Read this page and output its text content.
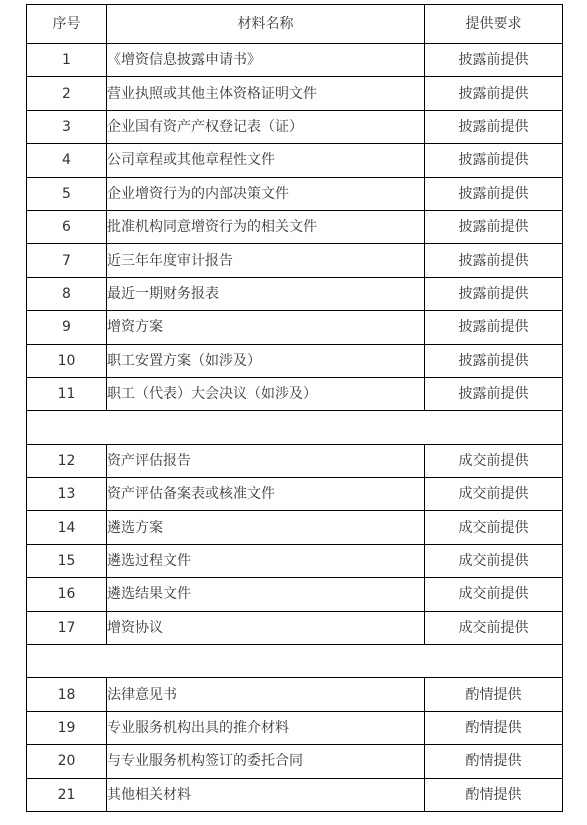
序号	材料名称	提供要求
1	《增资信息披露申请书》	披露前提供
2	营业执照或其他主体资格证明文件	披露前提供
3	企业国有资产产权登记表（证）	披露前提供
4	公司章程或其他章程性文件	披露前提供
5	企业增资行为的内部决策文件	披露前提供
6	批准机构同意增资行为的相关文件	披露前提供
7	近三年年度审计报告	披露前提供
8	最近一期财务报表	披露前提供
9	增资方案	披露前提供
10	职工安置方案（如涉及）	披露前提供
11	职工（代表）大会决议（如涉及）	披露前提供

12	资产评估报告	成交前提供
13	资产评估备案表或核准文件	成交前提供
14	遴选方案	成交前提供
15	遴选过程文件	成交前提供
16	遴选结果文件	成交前提供
17	增资协议	成交前提供

18	法律意见书	酌情提供
19	专业服务机构出具的推介材料	酌情提供
20	与专业服务机构签订的委托合同	酌情提供
21	其他相关材料	酌情提供
